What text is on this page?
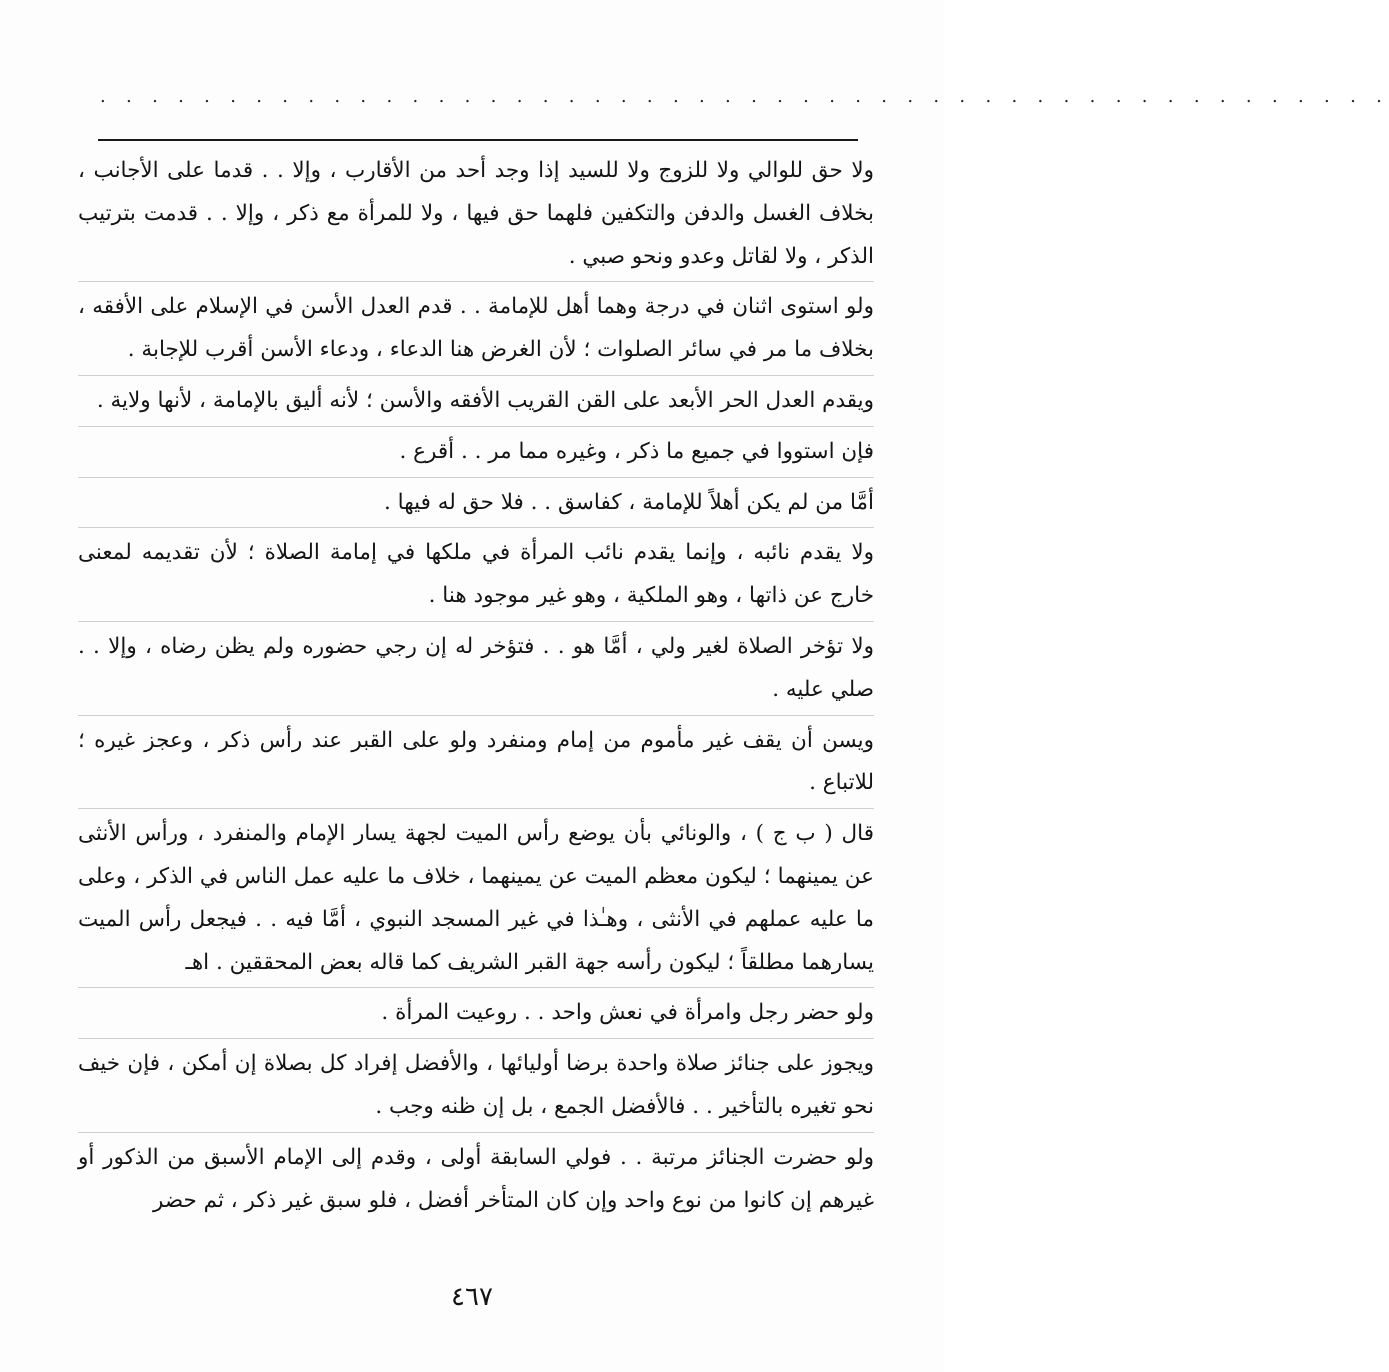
. . . . . . . . . . . . . . . . . . . . . . . . . . . . . . . . . . . . . . . . . . . . . . . . . .

ولا حق للوالي ولا للزوج ولا للسيد إذا وجد أحد من الأقارب ، وإلا . . قدما على الأجانب ، بخلاف الغسل والدفن والتكفين فلهما حق فيها ، ولا للمرأة مع ذكر ، وإلا . . قدمت بترتيب الذكر ، ولا لقاتل وعدو ونحو صبي .

ولو استوى اثنان في درجة وهما أهل للإمامة . . قدم العدل الأسن في الإسلام على الأفقه ، بخلاف ما مر في سائر الصلوات ؛ لأن الغرض هنا الدعاء ، ودعاء الأسن أقرب للإجابة .

ويقدم العدل الحر الأبعد على القن القريب الأفقه والأسن ؛ لأنه أليق بالإمامة ، لأنها ولاية .

فإن استووا في جميع ما ذكر ، وغيره مما مر . . أقرع .

أمَّا من لم يكن أهلاً للإمامة ، كفاسق . . فلا حق له فيها .

ولا يقدم نائبه ، وإنما يقدم نائب المرأة في ملكها في إمامة الصلاة ؛ لأن تقديمه لمعنى خارج عن ذاتها ، وهو الملكية ، وهو غير موجود هنا .

ولا تؤخر الصلاة لغير ولي ، أمَّا هو . . فتؤخر له إن رجي حضوره ولم يظن رضاه ، وإلا . . صلي عليه .

ويسن أن يقف غير مأموم من إمام ومنفرد ولو على القبر عند رأس ذكر ، وعجز غيره ؛ للاتباع .

قال ( ب ج ) ، والونائي بأن يوضع رأس الميت لجهة يسار الإمام والمنفرد ، ورأس الأنثى عن يمينهما ؛ ليكون معظم الميت عن يمينهما ، خلاف ما عليه عمل الناس في الذكر ، وعلى ما عليه عملهم في الأنثى ، وهـٰذا في غير المسجد النبوي ، أمَّا فيه . . فيجعل رأس الميت يسارهما مطلقاً ؛ ليكون رأسه جهة القبر الشريف كما قاله بعض المحققين . اهـ

ولو حضر رجل وامرأة في نعش واحد . . روعيت المرأة .

ويجوز على جنائز صلاة واحدة برضا أوليائها ، والأفضل إفراد كل بصلاة إن أمكن ، فإن خيف نحو تغيره بالتأخير . . فالأفضل الجمع ، بل إن ظنه وجب .

ولو حضرت الجنائز مرتبة . . فولي السابقة أولى ، وقدم إلى الإمام الأسبق من الذكور أو غيرهم إن كانوا من نوع واحد وإن كان المتأخر أفضل ، فلو سبق غير ذكر ، ثم حضر

٤٦٧
